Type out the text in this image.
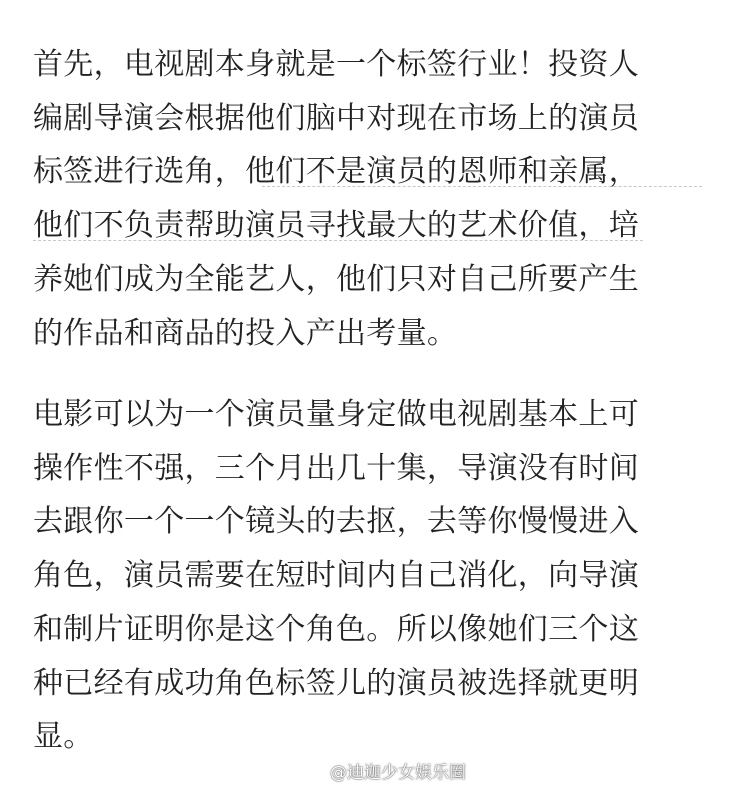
首先，电视剧本身就是一个标签行业！投资人
编剧导演会根据他们脑中对现在市场上的演员
标签进行选角，他们不是演员的恩师和亲属，
他们不负责帮助演员寻找最大的艺术价值，培
养她们成为全能艺人，他们只对自己所要产生
的作品和商品的投入产出考量。
电影可以为一个演员量身定做电视剧基本上可
操作性不强，三个月出几十集，导演没有时间
去跟你一个一个镜头的去抠，去等你慢慢进入
角色，演员需要在短时间内自己消化，向导演
和制片证明你是这个角色。所以像她们三个这
种已经有成功角色标签儿的演员被选择就更明
显。
@迪迦少女娱乐圈
